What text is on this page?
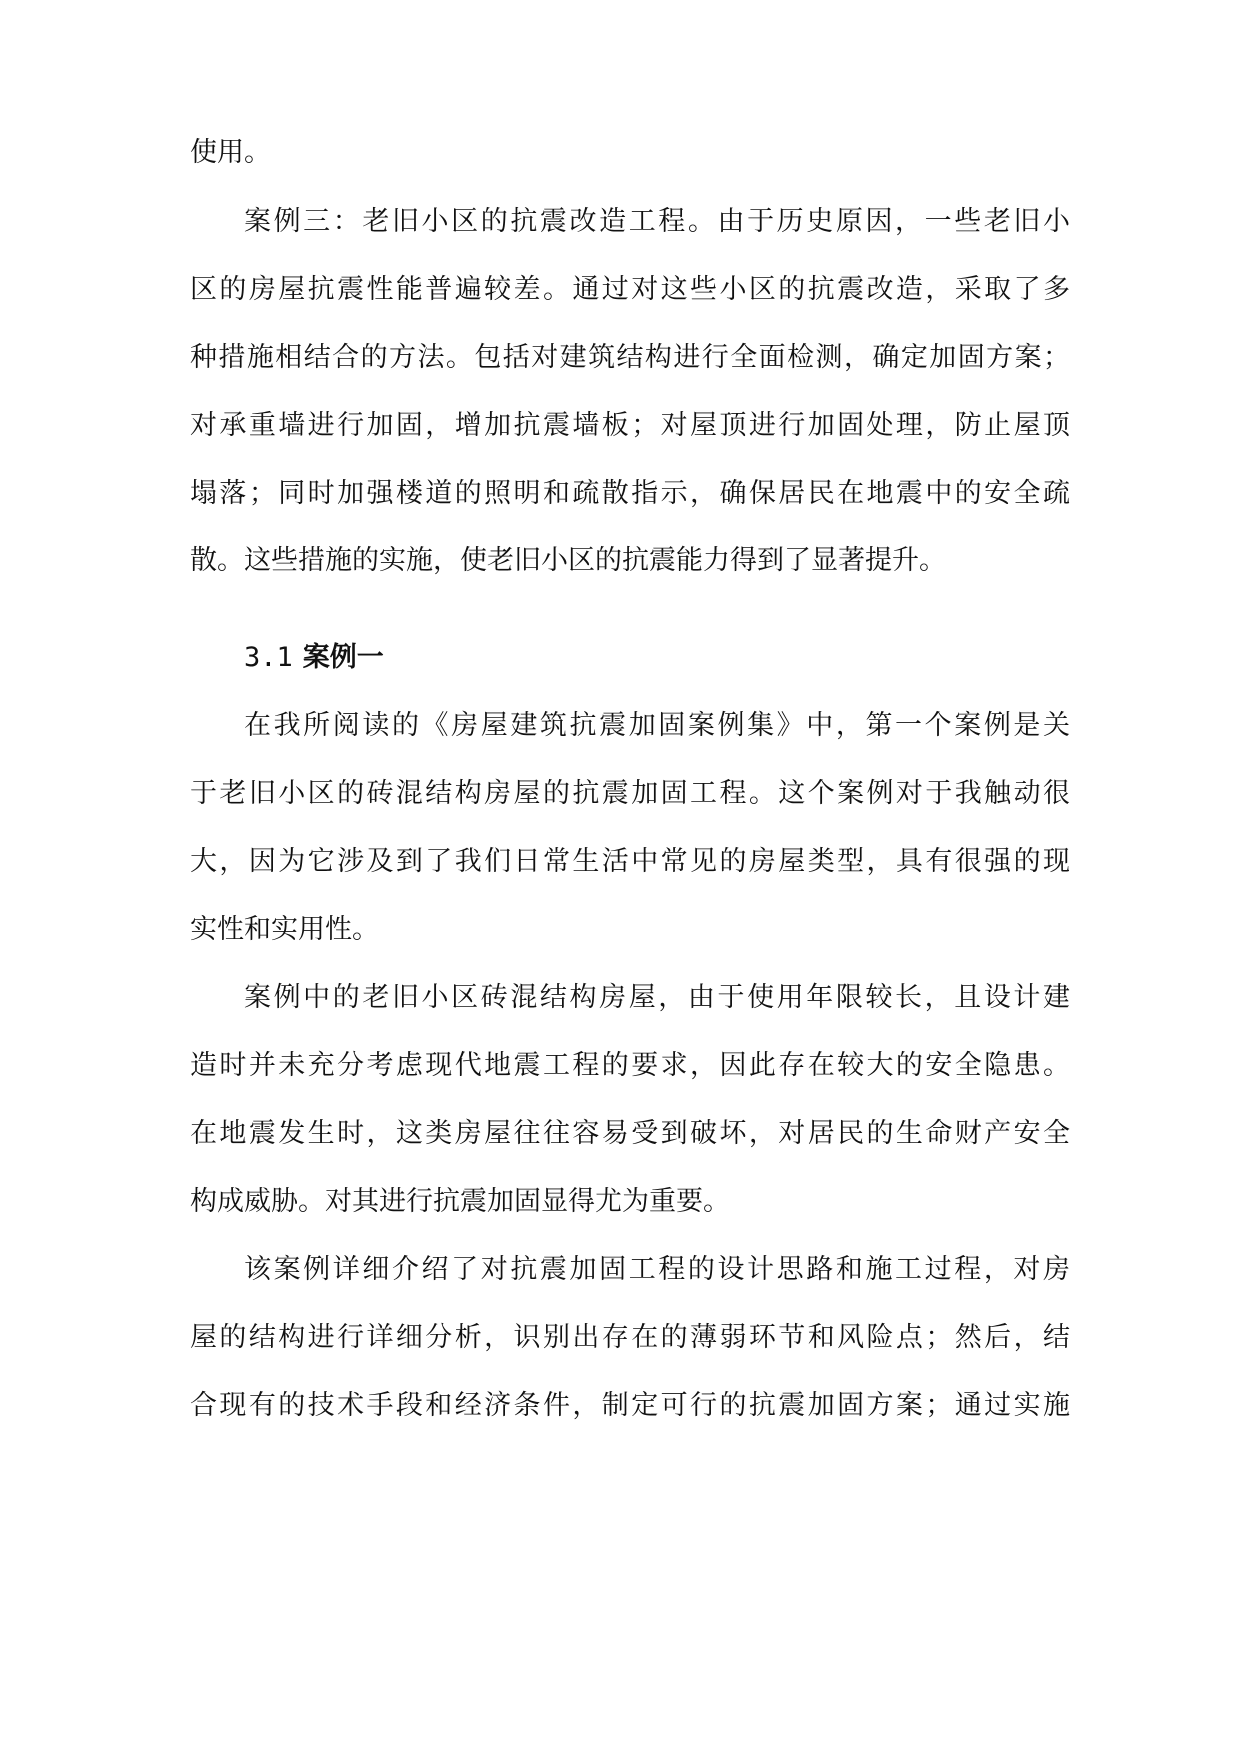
使用。
案例三：老旧小区的抗震改造工程。由于历史原因，一些老旧小
区的房屋抗震性能普遍较差。通过对这些小区的抗震改造，采取了多
种措施相结合的方法。包括对建筑结构进行全面检测，确定加固方案；
对承重墙进行加固，增加抗震墙板；对屋顶进行加固处理，防止屋顶
塌落；同时加强楼道的照明和疏散指示，确保居民在地震中的安全疏
散。这些措施的实施，使老旧小区的抗震能力得到了显著提升。
3.1 案例一
在我所阅读的《房屋建筑抗震加固案例集》中，第一个案例是关
于老旧小区的砖混结构房屋的抗震加固工程。这个案例对于我触动很
大，因为它涉及到了我们日常生活中常见的房屋类型，具有很强的现
实性和实用性。
案例中的老旧小区砖混结构房屋，由于使用年限较长，且设计建
造时并未充分考虑现代地震工程的要求，因此存在较大的安全隐患。
在地震发生时，这类房屋往往容易受到破坏，对居民的生命财产安全
构成威胁。对其进行抗震加固显得尤为重要。
该案例详细介绍了对抗震加固工程的设计思路和施工过程，对房
屋的结构进行详细分析，识别出存在的薄弱环节和风险点；然后，结
合现有的技术手段和经济条件，制定可行的抗震加固方案；通过实施
